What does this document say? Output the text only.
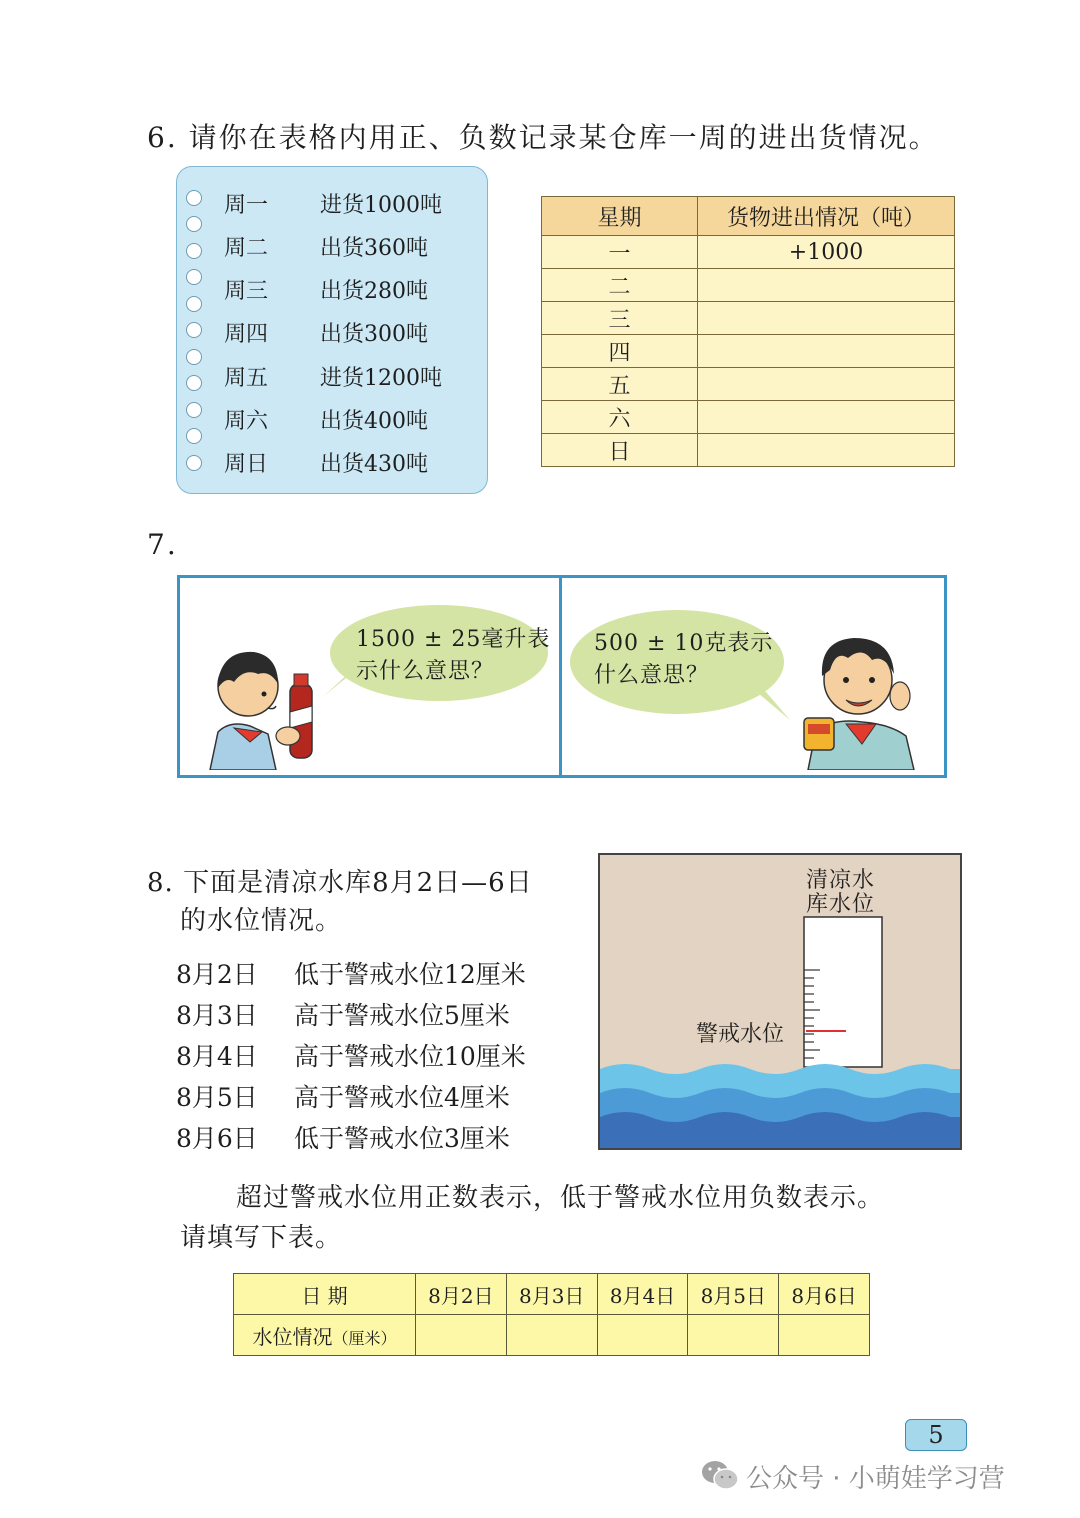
6. 请你在表格内用正、负数记录某仓库一周的进出货情况。
周一 进货1000吨
周二 出货360吨
周三 出货280吨
周四 出货300吨
周五 进货1200吨
周六 出货400吨
周日 出货430吨
星期	货物进出情况（吨）
一	+1000
二	
三	
四	
五	
六	
日	
7.
1500 ± 25毫升表
示什么意思？
500 ± 10克表示
什么意思？
8. 下面是清凉水库8月2日—6日
的水位情况。
8月2日 低于警戒水位12厘米
8月3日 高于警戒水位5厘米
8月4日 高于警戒水位10厘米
8月5日 高于警戒水位4厘米
8月6日 低于警戒水位3厘米
清凉水
库水位
警戒水位
超过警戒水位用正数表示，低于警戒水位用负数表示。
请填写下表。
日 期	8月2日	8月3日	8月4日	8月5日	8月6日
水位情况（厘米）					
5
公众号 · 小萌娃学习营
